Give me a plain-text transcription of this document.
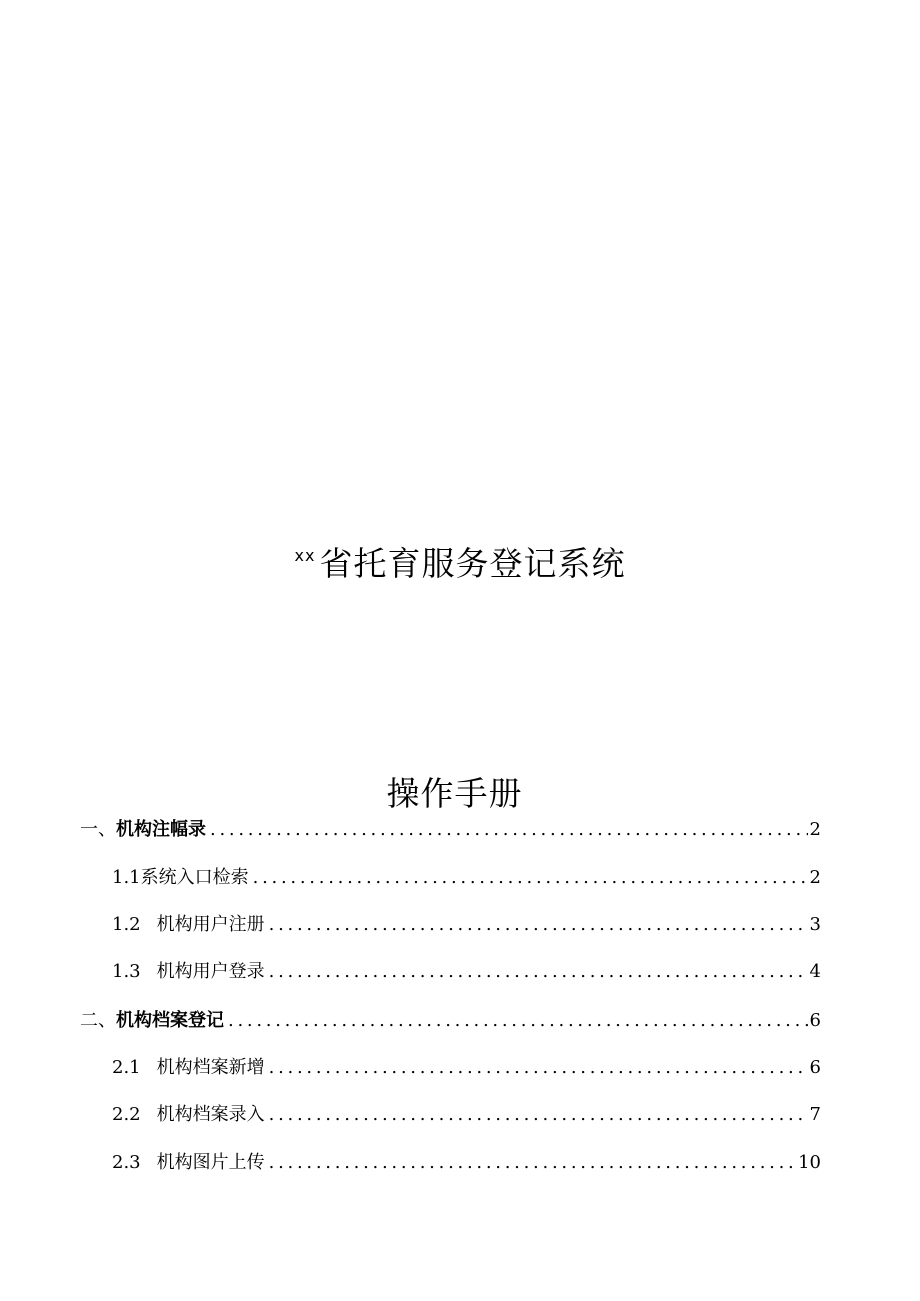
$^{xx}$ 省托育服务登记系统
操作手册
一、 机构注幅录 . . .	2
1.1 系统入口检索 . . .	2
1.2 机构用户注册 . . .	3
1.3 机构用户登录 . . .	4
二、 机构档案登记 . . .	6
2.1 机构档案新增 . . .	6
2.2 机构档案录入 . . .	7
2.3 机构图片上传 . . .	10
